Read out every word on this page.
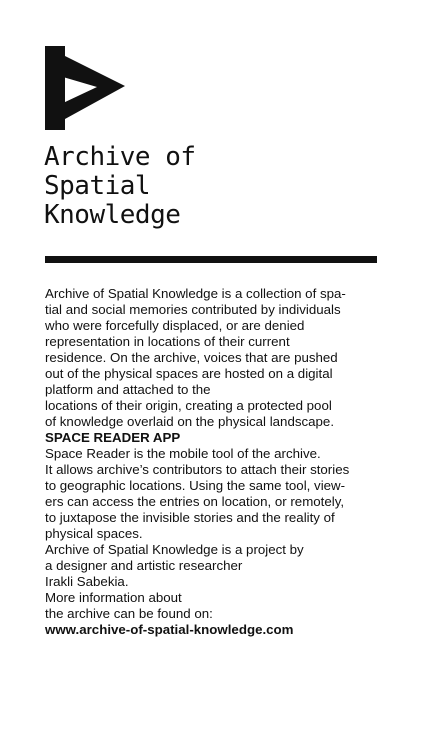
Archive of
Spatial
Knowledge

Archive of Spatial Knowledge is a collection of spa-
tial and social memories contributed by individuals
who were forcefully displaced, or are denied
representation in locations of their current
residence. On the archive, voices that are pushed
out of the physical spaces are hosted on a digital
platform and attached to the
locations of their origin, creating a protected pool
of knowledge overlaid on the physical landscape.

SPACE READER APP

Space Reader is the mobile tool of the archive.
It allows archive’s contributors to attach their stories
to geographic locations. Using the same tool, view-
ers can access the entries on location, or remotely,
to juxtapose the invisible stories and the reality of
physical spaces.

Archive of Spatial Knowledge is a project by
a designer and artistic researcher
Irakli Sabekia.

More information about
the archive can be found on:

www.archive-of-spatial-knowledge.com
